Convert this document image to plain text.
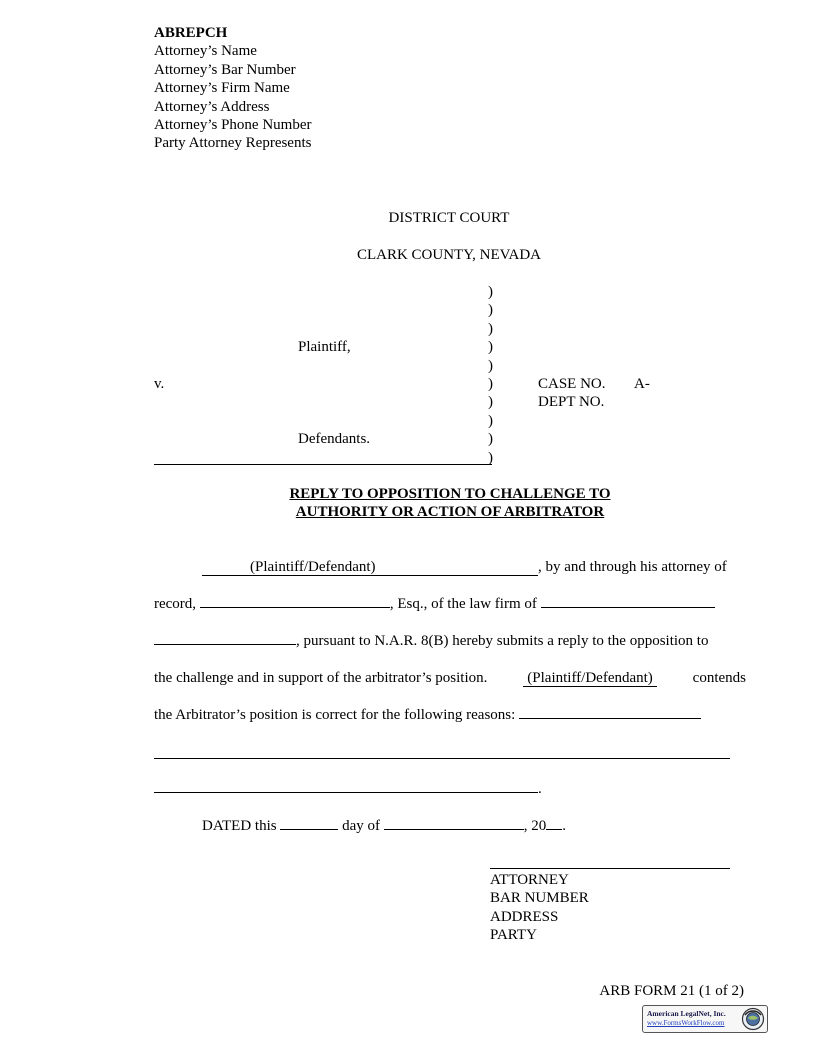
ABREPCH
Attorney’s Name
Attorney’s Bar Number
Attorney’s Firm Name
Attorney’s Address
Attorney’s Phone Number
Party Attorney Represents
DISTRICT COURT
CLARK COUNTY, NEVADA
)
)
)
)
)
)
)
)
)
)
Plaintiff,
v.
Defendants.
CASE NO. A-
DEPT NO.
REPLY TO OPPOSITION TO CHALLENGE TO
AUTHORITY OR ACTION OF ARBITRATOR
(Plaintiff/Defendant)	, by and through his attorney of
record,	, Esq., of the law firm of
, pursuant to N.A.R. 8(B) hereby submits a reply to the opposition to
the challenge and in support of the arbitrator’s position.	(Plaintiff/Defendant)	contends
the Arbitrator’s position is correct for the following reasons:
.
DATED this	day of	, 20 .
ATTORNEY
BAR NUMBER
ADDRESS
PARTY
ARB FORM 21 (1 of 2)
American LegalNet, Inc.
www.FormsWorkFlow.com
